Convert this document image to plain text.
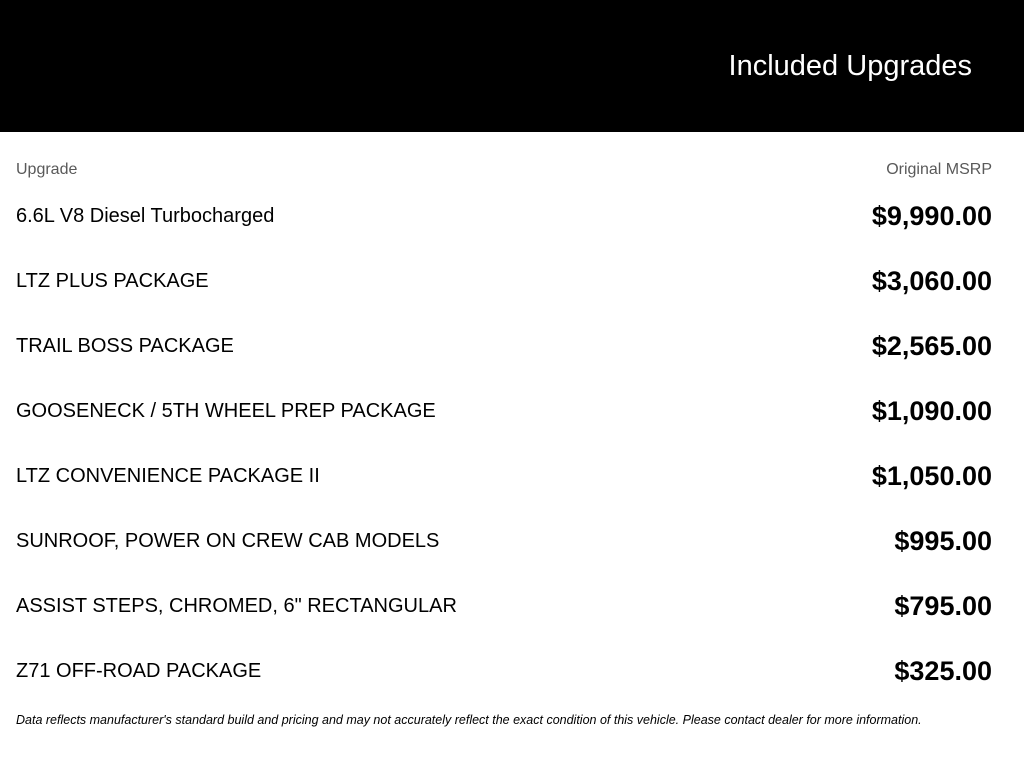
Included Upgrades
Upgrade	Original MSRP
6.6L V8 Diesel Turbocharged	$9,990.00
LTZ PLUS PACKAGE	$3,060.00
TRAIL BOSS PACKAGE	$2,565.00
GOOSENECK / 5TH WHEEL PREP PACKAGE	$1,090.00
LTZ CONVENIENCE PACKAGE II	$1,050.00
SUNROOF, POWER ON CREW CAB MODELS	$995.00
ASSIST STEPS, CHROMED, 6" RECTANGULAR	$795.00
Z71 OFF-ROAD PACKAGE	$325.00
Data reflects manufacturer's standard build and pricing and may not accurately reflect the exact condition of this vehicle. Please contact dealer for more information.
